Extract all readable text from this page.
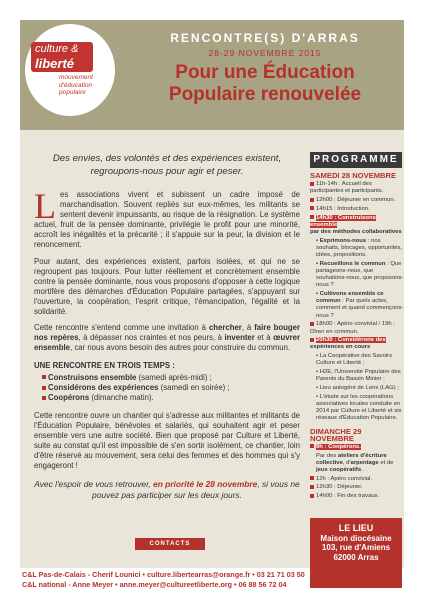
culture &
liberté
mouvement
d'éducation
populaire
RENCONTRE(S) D'ARRAS
28-29 NOVEMBRE 2015
Pour une Éducation
Populaire renouvelée
Des envies, des volontés et des expériences existent, regroupons-nous pour agir et peser.

Les associations vivent et subissent un cadre imposé de marchandisation. Souvent repliés sur eux-mêmes, les militants se sentent devenir impuissants, au risque de la résignation. Le système actuel, fruit de la pensée dominante, privilégie le profit pour une minorité, accroît les inégalités et la précarité ; il s'appuie sur la peur, la division et le renoncement.

Pour autant, des expériences existent, parfois isolées, et qui ne se regroupent pas toujours. Pour lutter réellement et concrètement ensemble contre la pensée dominante, nous vous proposons d'opposer à cette logique mortifère des démarches d'Éducation Populaire partagées, s'appuyant sur l'ouverture, la coopération, l'esprit critique, l'émancipation, l'égalité et la solidarité.

Cette rencontre s'entend comme une invitation à chercher, à faire bouger nos repères, à dépasser nos craintes et nos peurs, à inventer et à œuvrer ensemble, car nous avons besoin des autres pour construire du commun.

UNE RENCONTRE EN TROIS TEMPS :
Construisons ensemble (samedi après-midi) ;
Considérons des expériences (samedi en soirée) ;
Coopérons (dimanche matin).

Cette rencontre ouvre un chantier qui s'adresse aux militantes et militants de l'Éducation Populaire, bénévoles et salariés, qui souhaitent agir et peser ensemble vers une autre société. Bien que proposé par Culture et Liberté, suite au constat qu'il est impossible de s'en sortir isolément, ce chantier, loin d'être réservé au mouvement, sera celui des femmes et des hommes qui s'y engageront !

Avec l'espoir de vous retrouver, en priorité le 28 novembre, si vous ne pouvez pas participer sur les deux jours.
CONTACTS
PROGRAMME
SAMEDI 28 NOVEMBRE
11h-14h : Accueil des participantes et participants.
12h00 : Déjeuner en commun.
14h15 : Introduction.
14h30 : Construisons ensemble
par des méthodes collaboratives
• Exprimons-nous : nos souhaits, blocages, opportunités, idées, propositions.
• Recueillons le commun : Que partageons-nous, que souhaitons-nous, que proposons-nous ?
• Cultivons ensemble ce commun : Par quels actes, comment et quand commençons-nous ?
18h00 : Apéro convivial / 19h : Dîner en commun.
20h30 : Considérons des
expériences en cours
• La Coopérative des Savoirs Culture et Liberté ;
• H2E, l'Université Populaire des Parents du Bassin Minier ;
• Lieu autogéré de Lens (LAG) ;
• L'étude sur les coopérations associatives locales conduite en 2014 par Culture et Liberté et six réseaux d'Éducation Populaire.
DIMANCHE 29 NOVEMBRE
9h : Coopérons.
Par des ateliers d'écriture collective, d'arpentage et de jeux coopératifs.
12h : Apéro convivial.
12h30 : Déjeuner.
14h00 : Fin des travaux.
LE LIEU
Maison diocésaine
103, rue d'Amiens
62000 Arras
C&L Pas-de-Calais - Cherif Lounici • culture.libertearras@orange.fr • 03 21 71 03 50
C&L national - Anne Meyer • anne.meyer@cultureetliberte.org • 06 88 56 72 04
